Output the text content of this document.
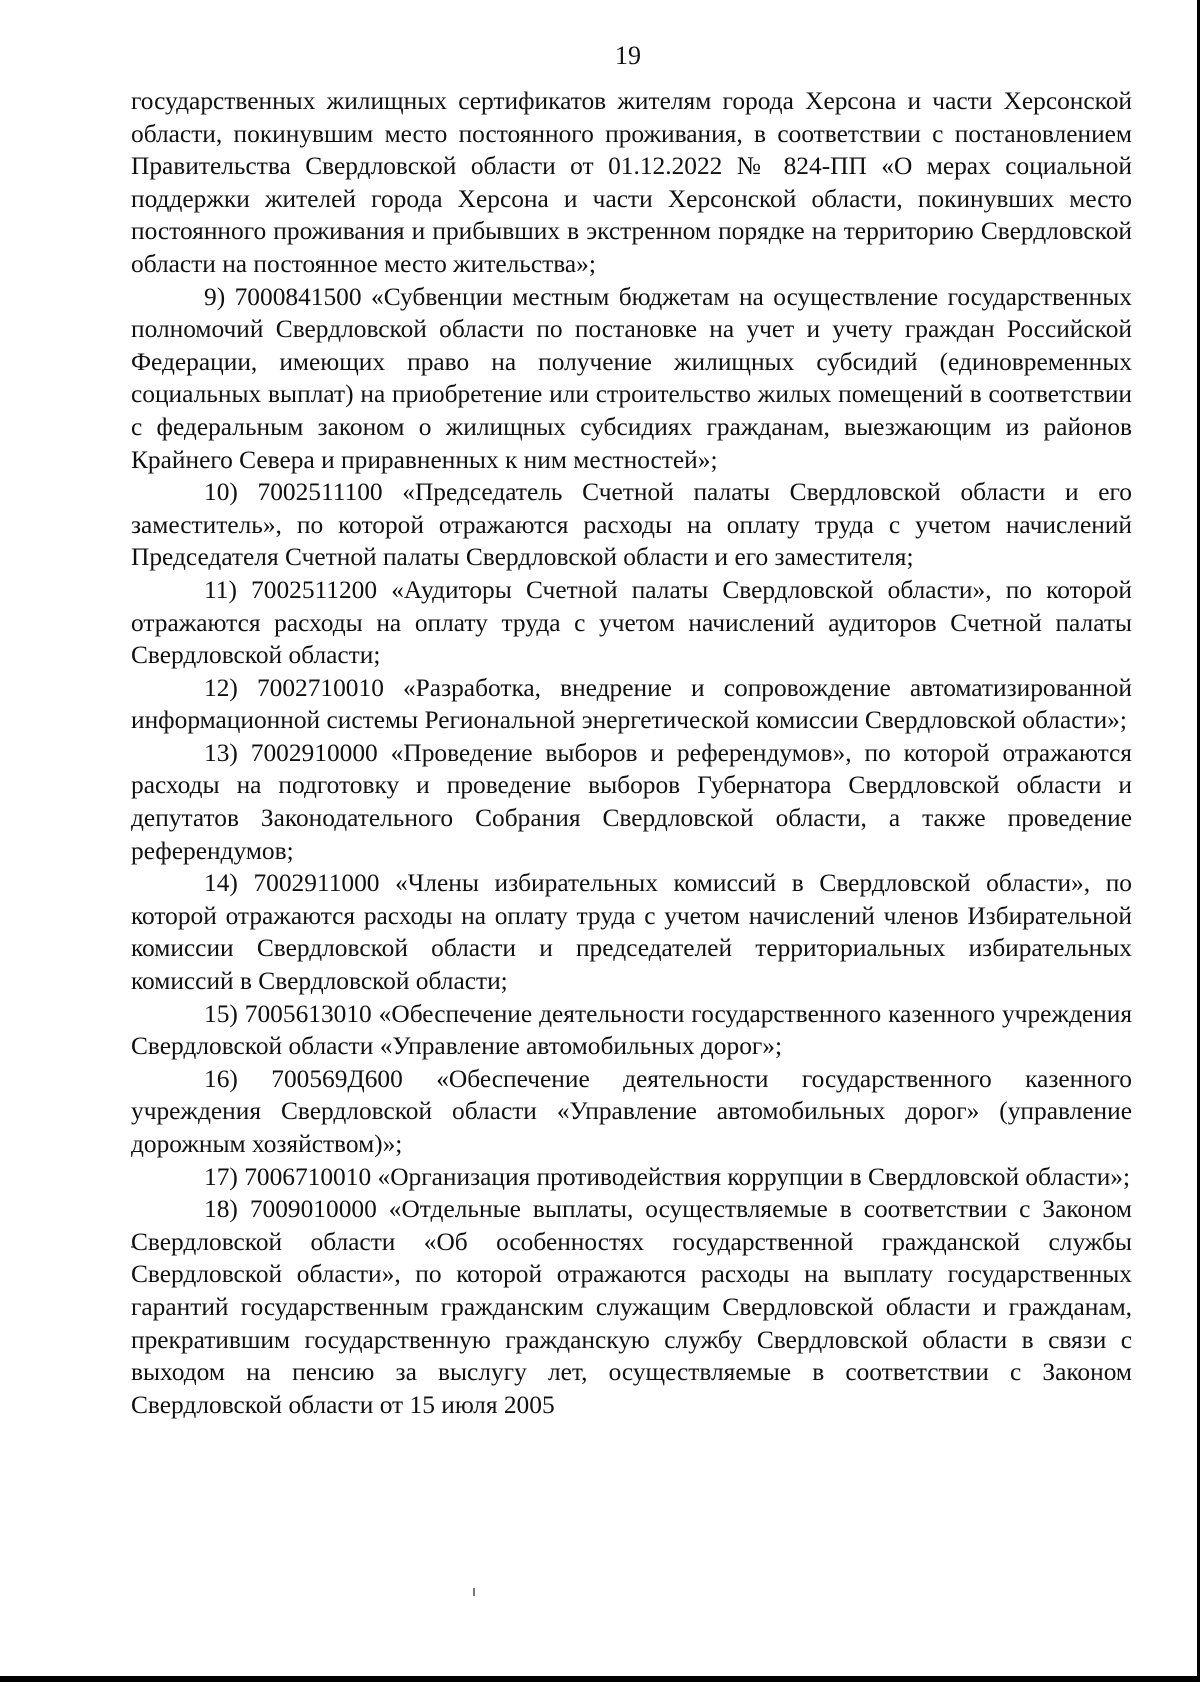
19

государственных жилищных сертификатов жителям города Херсона и части Херсонской области, покинувшим место постоянного проживания, в соответствии с постановлением Правительства Свердловской области от 01.12.2022 № 824-ПП «О мерах социальной поддержки жителей города Херсона и части Херсонской области, покинувших место постоянного проживания и прибывших в экстренном порядке на территорию Свердловской области на постоянное место жительства»;

9) 7000841500 «Субвенции местным бюджетам на осуществление государственных полномочий Свердловской области по постановке на учет и учету граждан Российской Федерации, имеющих право на получение жилищных субсидий (единовременных социальных выплат) на приобретение или строительство жилых помещений в соответствии с федеральным законом о жилищных субсидиях гражданам, выезжающим из районов Крайнего Севера и приравненных к ним местностей»;

10) 7002511100 «Председатель Счетной палаты Свердловской области и его заместитель», по которой отражаются расходы на оплату труда с учетом начислений Председателя Счетной палаты Свердловской области и его заместителя;

11) 7002511200 «Аудиторы Счетной палаты Свердловской области», по которой отражаются расходы на оплату труда с учетом начислений аудиторов Счетной палаты Свердловской области;

12) 7002710010 «Разработка, внедрение и сопровождение автоматизированной информационной системы Региональной энергетической комиссии Свердловской области»;

13) 7002910000 «Проведение выборов и референдумов», по которой отражаются расходы на подготовку и проведение выборов Губернатора Свердловской области и депутатов Законодательного Собрания Свердловской области, а также проведение референдумов;

14) 7002911000 «Члены избирательных комиссий в Свердловской области», по которой отражаются расходы на оплату труда с учетом начислений членов Избирательной комиссии Свердловской области и председателей территориальных избирательных комиссий в Свердловской области;

15) 7005613010 «Обеспечение деятельности государственного казенного учреждения Свердловской области «Управление автомобильных дорог»;

16) 700569Д600 «Обеспечение деятельности государственного казенного учреждения Свердловской области «Управление автомобильных дорог» (управление дорожным хозяйством)»;

17) 7006710010 «Организация противодействия коррупции в Свердловской области»;

18) 7009010000 «Отдельные выплаты, осуществляемые в соответствии с Законом Свердловской области «Об особенностях государственной гражданской службы Свердловской области», по которой отражаются расходы на выплату государственных гарантий государственным гражданским служащим Свердловской области и гражданам, прекратившим государственную гражданскую службу Свердловской области в связи с выходом на пенсию за выслугу лет, осуществляемые в соответствии с Законом Свердловской области от 15 июля 2005
